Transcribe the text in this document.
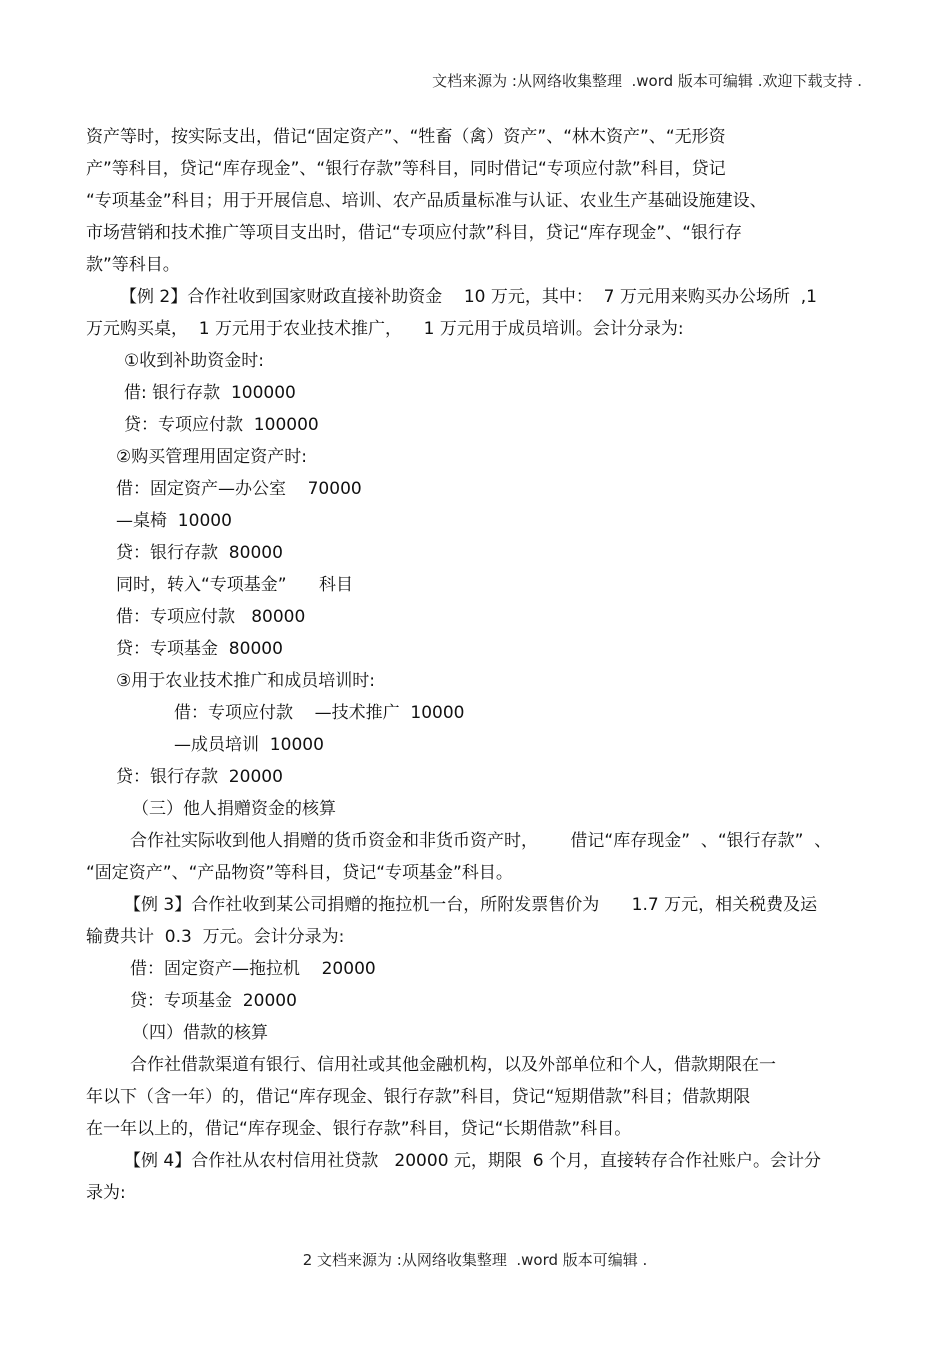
文档来源为 :从网络收集整理  .word 版本可编辑 .欢迎下载支持 .
资产等时，按实际支出，借记“固定资产”、“牲畜（禽）资产”、“林木资产”、“无形资
产”等科目，贷记“库存现金”、“银行存款”等科目，同时借记“专项应付款”科目，贷记
“专项基金”科目；用于开展信息、培训、农产品质量标准与认证、农业生产基础设施建设、
市场营销和技术推广等项目支出时，借记“专项应付款”科目，贷记“库存现金”、“银行存
款”等科目。
【例 2】合作社收到国家财政直接补助资金    10 万元，其中：  7 万元用来购买办公场所  ,1
万元购买桌，  1 万元用于农业技术推广，    1 万元用于成员培训。会计分录为:
①收到补助资金时:
借: 银行存款  100000
贷：专项应付款  100000
②购买管理用固定资产时:
借：固定资产—办公室    70000
—桌椅  10000
贷：银行存款  80000
同时，转入“专项基金”      科目
借：专项应付款   80000
贷：专项基金  80000
③用于农业技术推广和成员培训时:
借：专项应付款    —技术推广  10000
—成员培训  10000
贷：银行存款  20000
（三）他人捐赠资金的核算
合作社实际收到他人捐赠的货币资金和非货币资产时，      借记“库存现金”  、“银行存款”  、
“固定资产”、“产品物资”等科目，贷记“专项基金”科目。
【例 3】合作社收到某公司捐赠的拖拉机一台，所附发票售价为      1.7 万元，相关税费及运
输费共计  0.3  万元。会计分录为:
借：固定资产—拖拉机    20000
贷：专项基金  20000
（四）借款的核算
合作社借款渠道有银行、信用社或其他金融机构，以及外部单位和个人，借款期限在一
年以下（含一年）的，借记“库存现金、银行存款”科目，贷记“短期借款”科目；借款期限
在一年以上的，借记“库存现金、银行存款”科目，贷记“长期借款”科目。
【例 4】合作社从农村信用社贷款   20000 元，期限  6 个月，直接转存合作社账户。会计分
录为:
2 文档来源为 :从网络收集整理  .word 版本可编辑 .
